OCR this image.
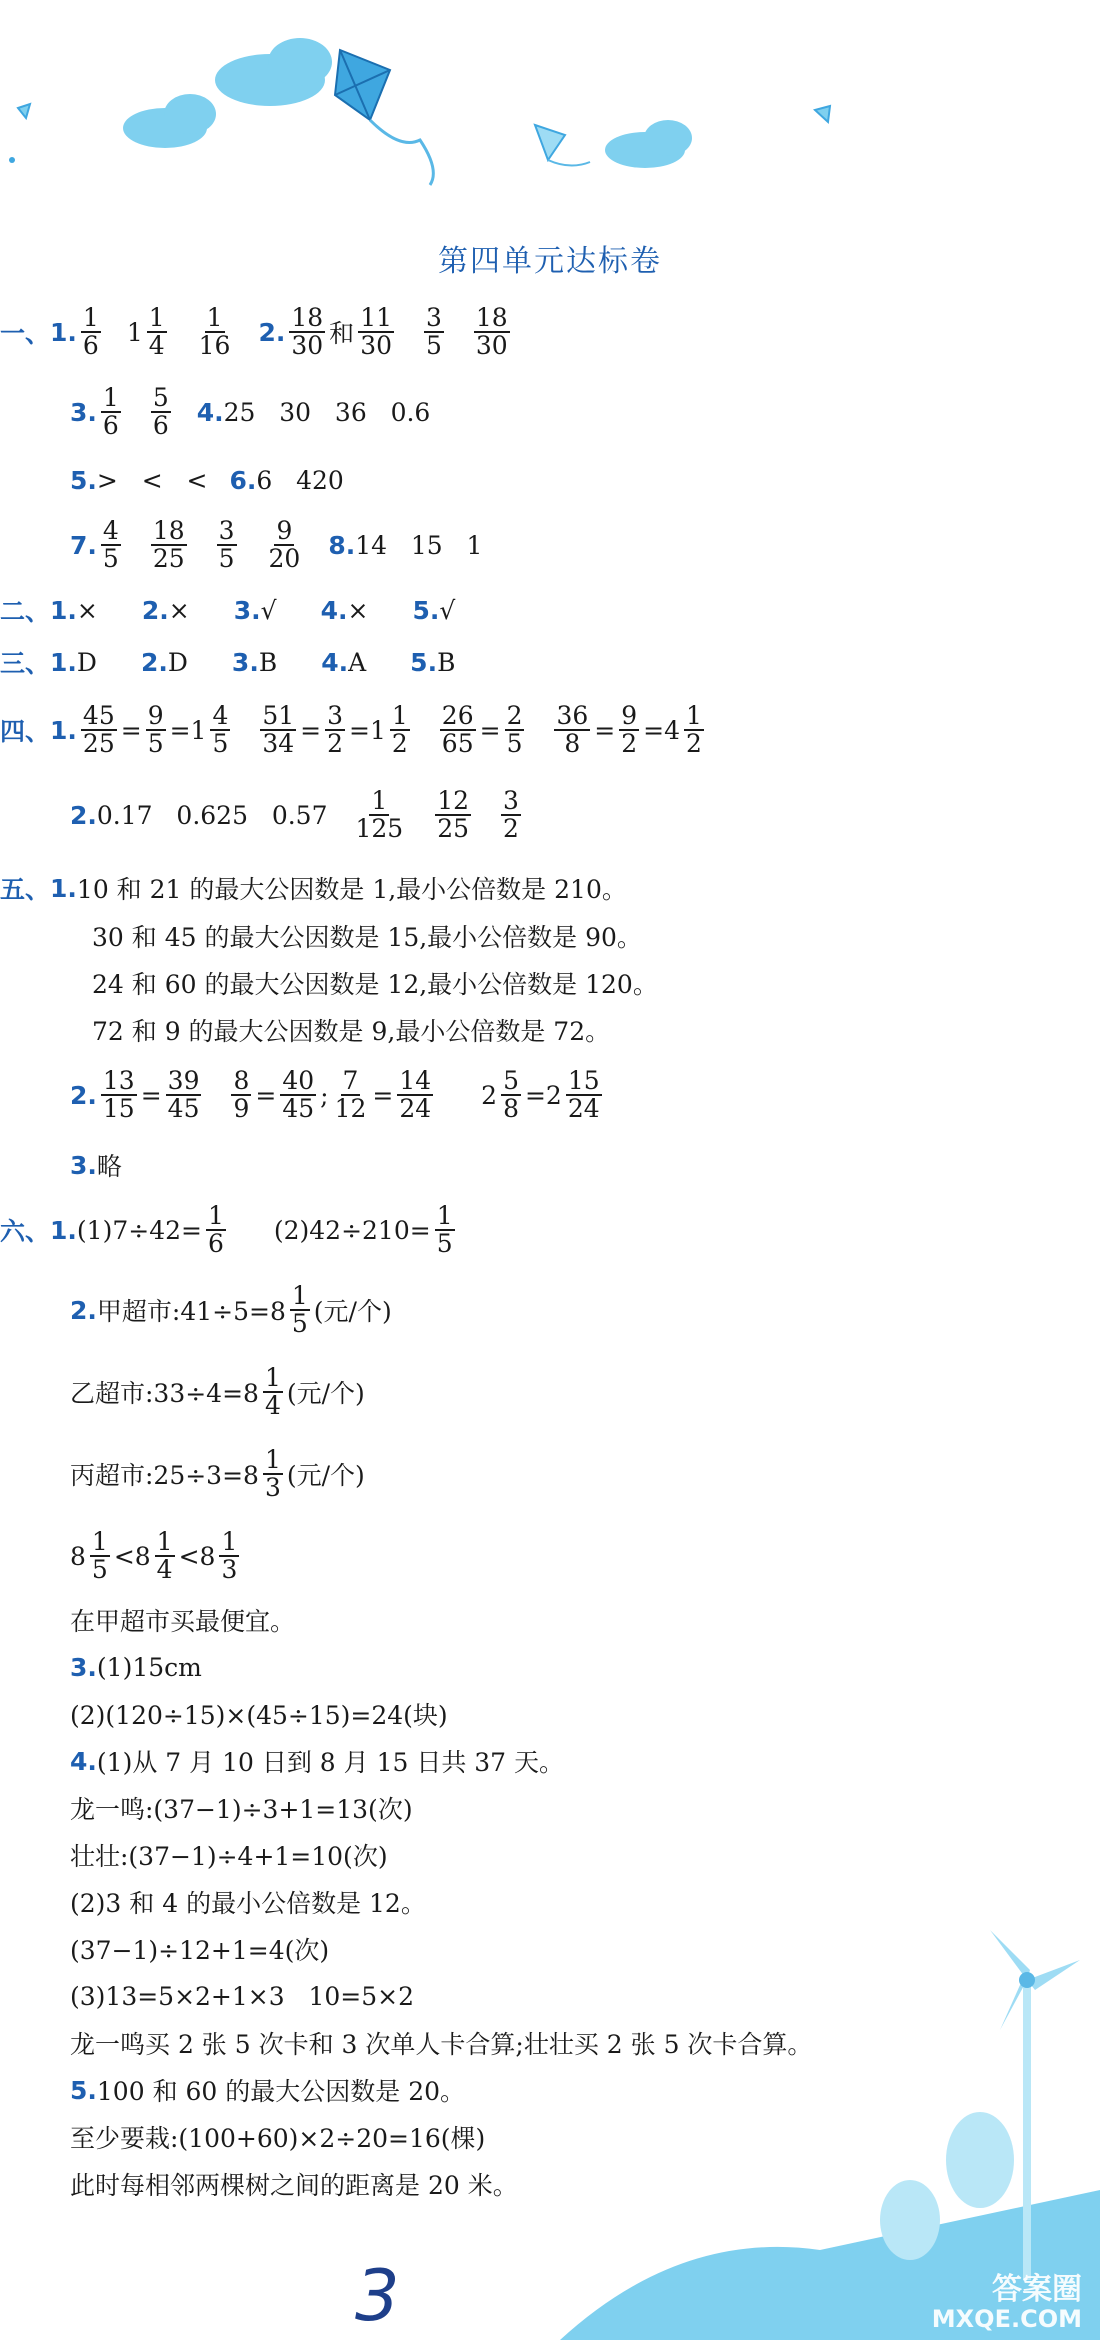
第四单元达标卷
一、 1. $\frac{1}{6} 1 \frac{1}{4} \frac{1}{16} 2$. $\frac{18}{30}$ 和 $\frac{11}{30} \frac{3}{5} \frac{18}{30}$
3. $\frac{1}{6} \frac{5}{6} 4$. 25   30   36   0.6
5. >   <   < 6. 6   420
7. $\frac{4}{5} \frac{18}{25} \frac{3}{5} \frac{9}{20} 8$. 14   15   1
二、 1. × 2. × 3. √ 4. × 5. √
三、 1. D 2. D 3. B 4. A 5. B
四、 1. $\frac{45}{25} = \frac{9}{5} =1 \frac{4}{5} \frac{51}{34} = \frac{3}{2} =1 \frac{1}{2} \frac{26}{65} = \frac{2}{5} \frac{36}{8} = \frac{9}{2} =4 \frac{1}{2}$
2. 0.17   0.625   $0.57 \frac{1}{125} \frac{12}{25} \frac{3}{2}$
五、 1. 10 和 21 的最大公因数是 1,最小公倍数是 210。
30 和 45 的最大公因数是 15,最小公倍数是 90。
24 和 60 的最大公因数是 12,最小公倍数是 120。
72 和 9 的最大公因数是 9,最小公倍数是 72。
2. $\frac{13}{15} = \frac{39}{45} \frac{8}{9} = \frac{40}{45}$ ; $\frac{7}{12} = \frac{14}{24} 2 \frac{5}{8} =2 \frac{15}{24}$
3. 略
六、 1. $(1)7\div 42= \frac{1}{6} (2)42\div 210= \frac{1}{5}$
2. 甲超市:41÷5=8 $\frac{1}{5}$ (元/个)
乙超市:33÷4=8 $\frac{1}{4}$ (元/个)
丙超市:25÷3=8 $\frac{1}{3}$ (元/个)
$8 \frac{1}{5} <8 \frac{1}{4} <8 \frac{1}{3}$
在甲超市买最便宜。
3. (1)15cm
(2)(120÷15)×(45÷15)=24(块)
4. (1)从 7 月 10 日到 8 月 15 日共 37 天。
龙一鸣:(37−1)÷3+1=13(次)
壮壮:(37−1)÷4+1=10(次)
(2)3 和 4 的最小公倍数是 12。
(37−1)÷12+1=4(次)
(3)13=5×2+1×3   10=5×2
龙一鸣买 2 张 5 次卡和 3 次单人卡合算;壮壮买 2 张 5 次卡合算。
5. 100 和 60 的最大公因数是 20。
至少要栽:(100+60)×2÷20=16(棵)
此时每相邻两棵树之间的距离是 20 米。
3	答案圈
MXQE.COM
